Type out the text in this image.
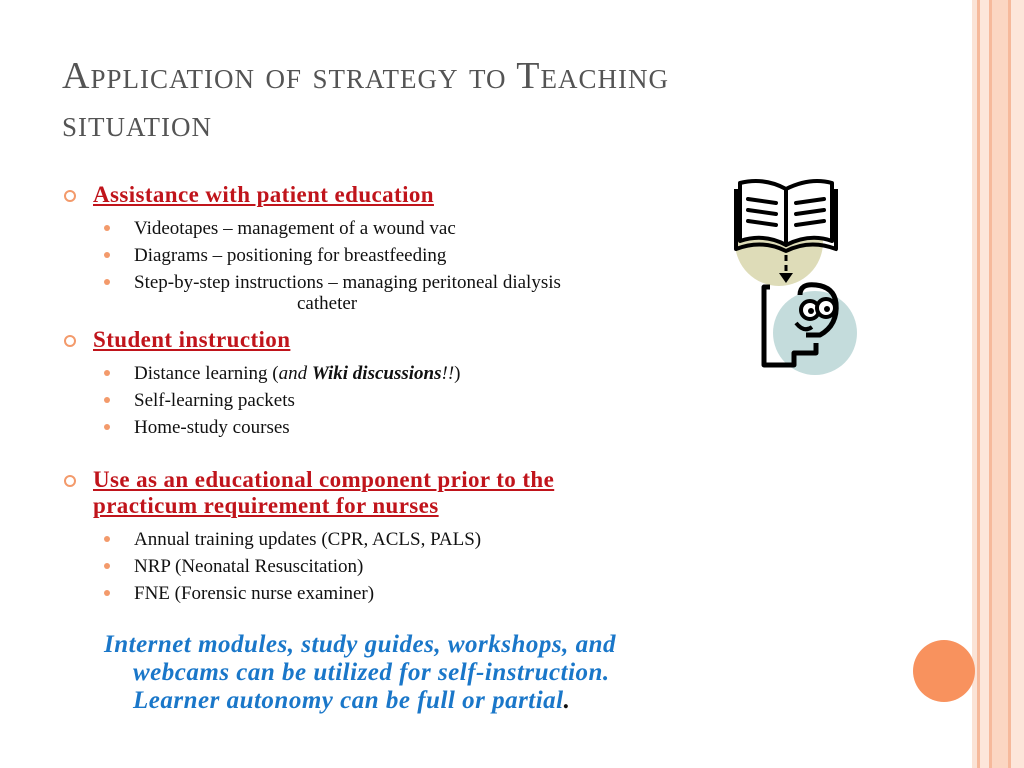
Application of strategy to Teaching
situation
Assistance with patient education
Videotapes – management of a wound vac
Diagrams – positioning for breastfeeding
Step-by-step instructions – managing peritoneal dialysis
catheter
Student instruction
Distance learning (and Wiki discussions!!)
Self-learning packets
Home-study courses
Use as an educational component prior to the
practicum requirement for nurses
Annual training updates (CPR, ACLS, PALS)
NRP (Neonatal Resuscitation)
FNE (Forensic nurse examiner)
Internet modules, study guides, workshops, and

webcams can be utilized for self-instruction.
Learner autonomy can be full or partial.
